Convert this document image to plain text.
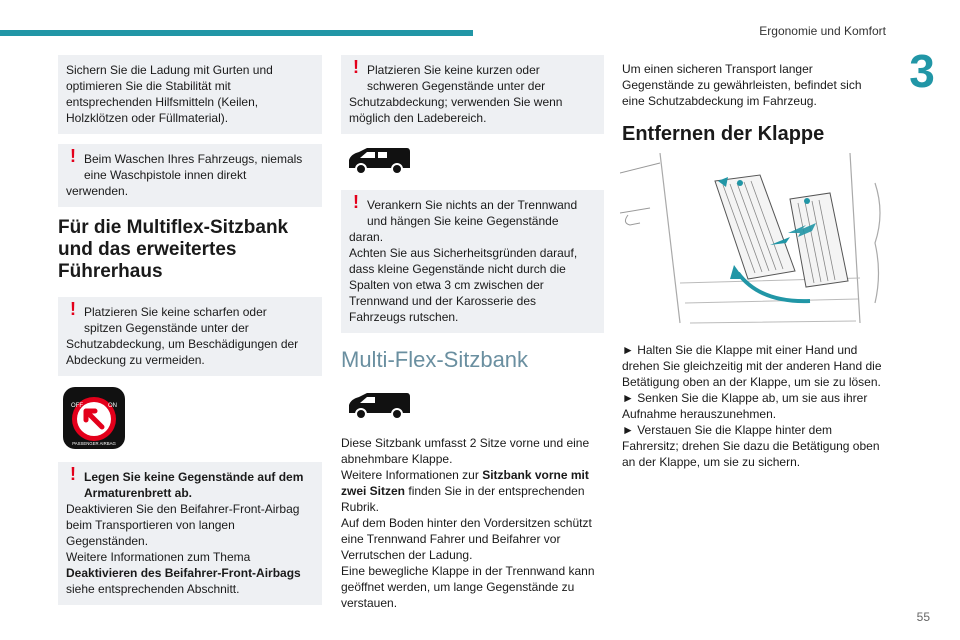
Ergonomie und Komfort
3
55
Sichern Sie die Ladung mit Gurten und optimieren Sie die Stabilität mit entsprechenden Hilfsmitteln (Keilen, Holzklötzen oder Füllmaterial).
! Beim Waschen Ihres Fahrzeugs, niemals
eine Waschpistole innen direkt
verwenden.
Für die Multiflex-Sitzbank und das erweitertes Führerhaus
! Platzieren Sie keine scharfen oder
spitzen Gegenstände unter der
Schutzabdeckung, um Beschädigungen der Abdeckung zu vermeiden.
OFF	ON
PASSENGER AIRBAG
! Legen Sie keine Gegenstände auf dem
Armaturenbrett ab.
Deaktivieren Sie den Beifahrer-Front-Airbag beim Transportieren von langen Gegenständen.
Weitere Informationen zum Thema Deaktivieren des Beifahrer-Front-Airbags siehe entsprechenden Abschnitt.
! Platzieren Sie keine kurzen oder
schweren Gegenstände unter der
Schutzabdeckung; verwenden Sie wenn möglich den Ladebereich.
! Verankern Sie nichts an der Trennwand
und hängen Sie keine Gegenstände
daran.
Achten Sie aus Sicherheitsgründen darauf, dass kleine Gegenstände nicht durch die Spalten von etwa 3 cm zwischen der Trennwand und der Karosserie des Fahrzeugs rutschen.
Multi-Flex-Sitzbank
Diese Sitzbank umfasst 2 Sitze vorne und eine abnehmbare Klappe.
Weitere Informationen zur Sitzbank vorne mit zwei Sitzen finden Sie in der entsprechenden Rubrik.
Auf dem Boden hinter den Vordersitzen schützt eine Trennwand Fahrer und Beifahrer vor Verrutschen der Ladung.
Eine bewegliche Klappe in der Trennwand kann geöffnet werden, um lange Gegenstände zu verstauen.
Um einen sicheren Transport langer Gegenstände zu gewährleisten, befindet sich eine Schutzabdeckung im Fahrzeug.
Entfernen der Klappe
► Halten Sie die Klappe mit einer Hand und drehen Sie gleichzeitig mit der anderen Hand die Betätigung oben an der Klappe, um sie zu lösen.
► Senken Sie die Klappe ab, um sie aus ihrer Aufnahme herauszunehmen.
► Verstauen Sie die Klappe hinter dem Fahrersitz; drehen Sie dazu die Betätigung oben an der Klappe, um sie zu sichern.
